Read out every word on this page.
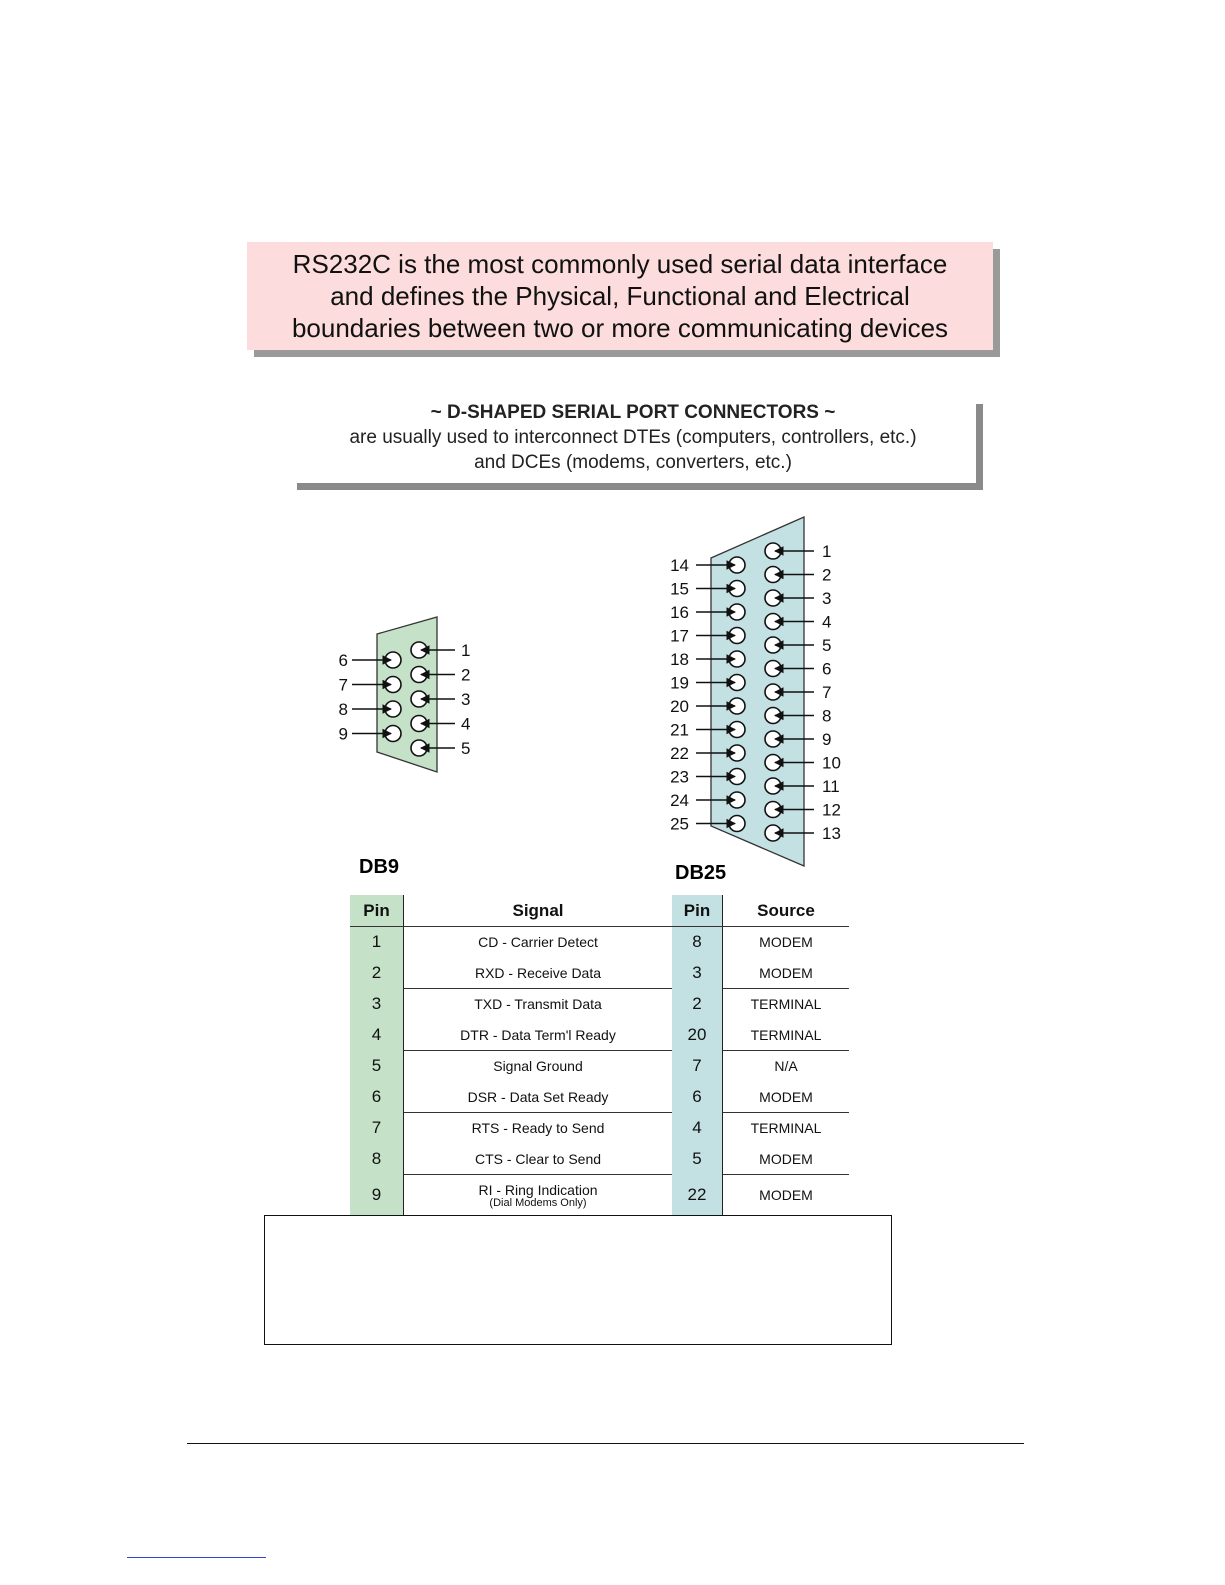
RS232C is the most commonly used serial data interface
and defines the Physical, Functional and Electrical
boundaries between two or more communicating devices
~ D-SHAPED SERIAL PORT CONNECTORS ~
are usually used to interconnect DTEs (computers, controllers, etc.)
and DCEs (modems, converters, etc.)
1
2
3
4
5
6
7
8
9
1
2
3
4
5
6
7
8
9
10
11
12
13
14
15
16
17
18
19
20
21
22
23
24
25
DB9	DB25
Pin	Signal	Pin	Source
1	CD - Carrier Detect	8	MODEM
2	RXD - Receive Data	3	MODEM
3	TXD - Transmit Data	2	TERMINAL
4	DTR - Data Term'l Ready	20	TERMINAL
5	Signal Ground	7	N/A
6	DSR - Data Set Ready	6	MODEM
7	RTS - Ready to Send	4	TERMINAL
8	CTS - Clear to Send	5	MODEM
9	RI - Ring Indication
(Dial Modems Only)	22	MODEM
